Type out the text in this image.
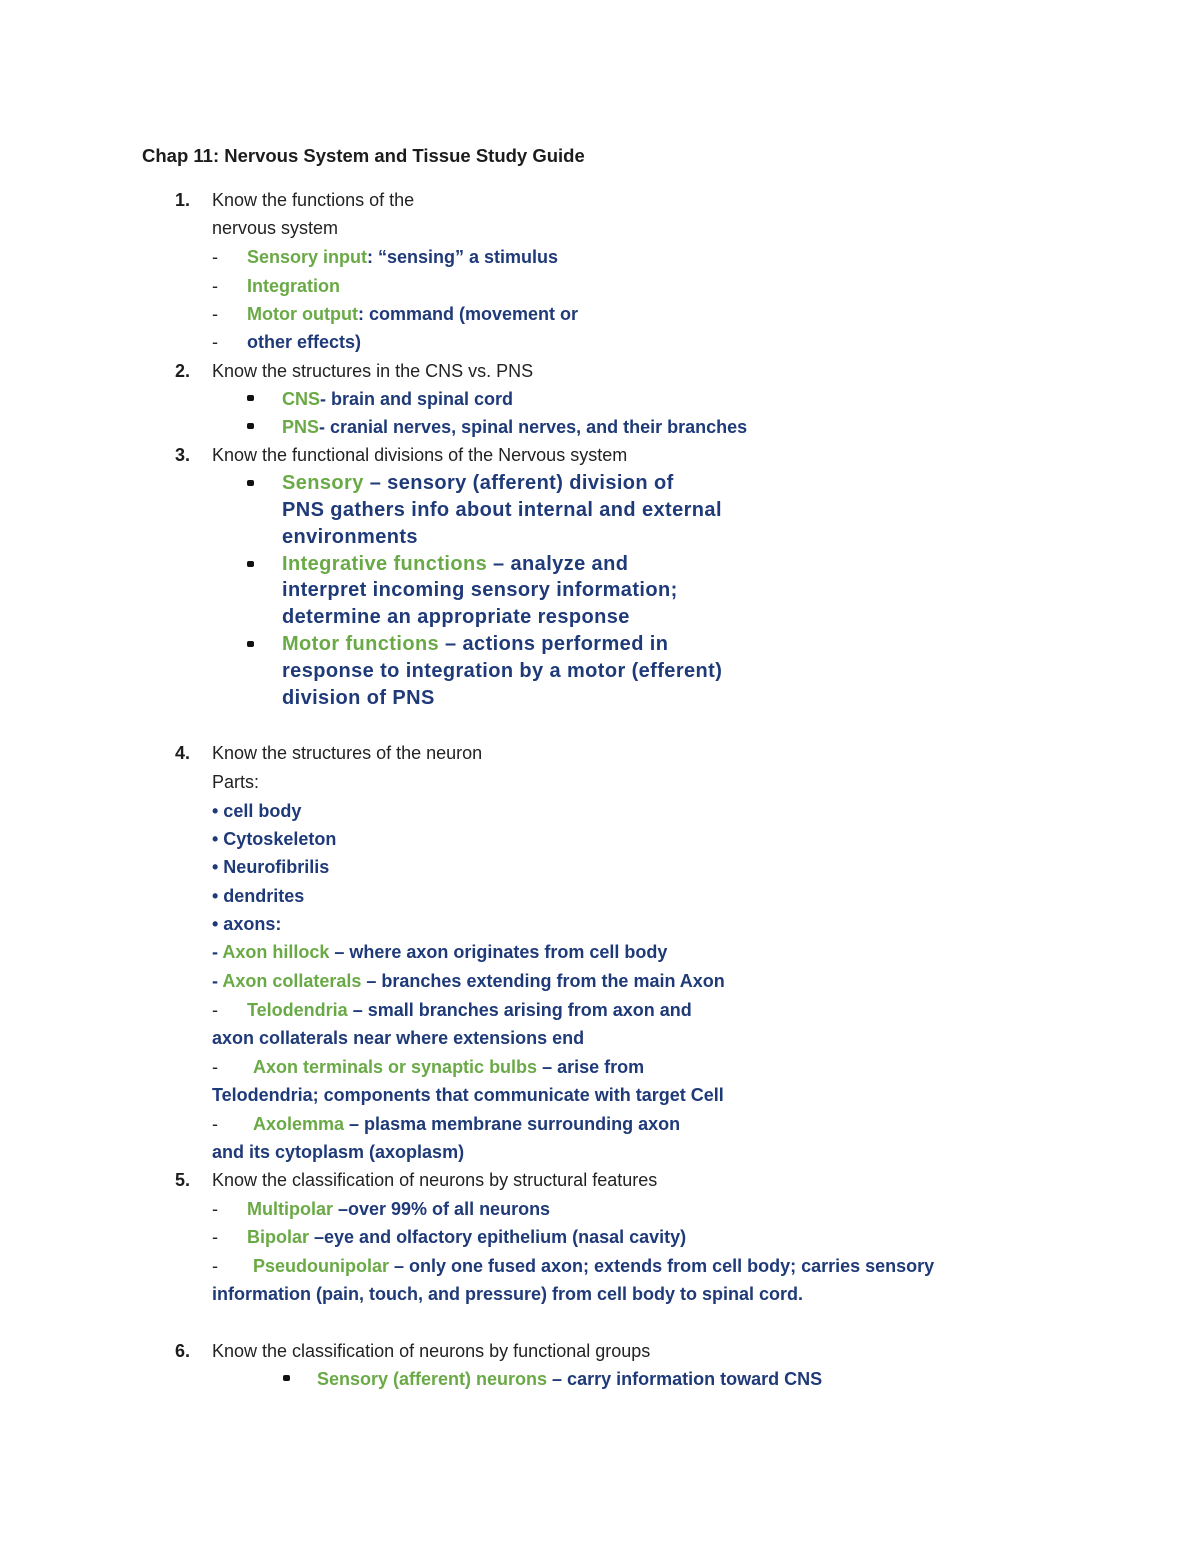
Chap 11: Nervous System and Tissue Study Guide
1. Know the functions of the
nervous system
- Sensory input: “sensing” a stimulus
- Integration
- Motor output: command (movement or
- other effects)
2. Know the structures in the CNS vs. PNS
CNS- brain and spinal cord
PNS- cranial nerves, spinal nerves, and their branches
3. Know the functional divisions of the Nervous system
Sensory – sensory (afferent) division of
PNS gathers info about internal and external
environments
Integrative functions – analyze and
interpret incoming sensory information;
determine an appropriate response
Motor functions – actions performed in
response to integration by a motor (efferent)
division of PNS
4. Know the structures of the neuron
Parts:
• cell body
• Cytoskeleton
• Neurofibrilis
• dendrites
• axons:
- Axon hillock – where axon originates from cell body
- Axon collaterals – branches extending from the main Axon
- Telodendria – small branches arising from axon and
axon collaterals near where extensions end
- Axon terminals or synaptic bulbs – arise from
Telodendria; components that communicate with target Cell
- Axolemma – plasma membrane surrounding axon
and its cytoplasm (axoplasm)
5. Know the classification of neurons by structural features
- Multipolar –over 99% of all neurons
- Bipolar –eye and olfactory epithelium (nasal cavity)
- Pseudounipolar – only one fused axon; extends from cell body; carries sensory
information (pain, touch, and pressure) from cell body to spinal cord.
6. Know the classification of neurons by functional groups
Sensory (afferent) neurons – carry information toward CNS
